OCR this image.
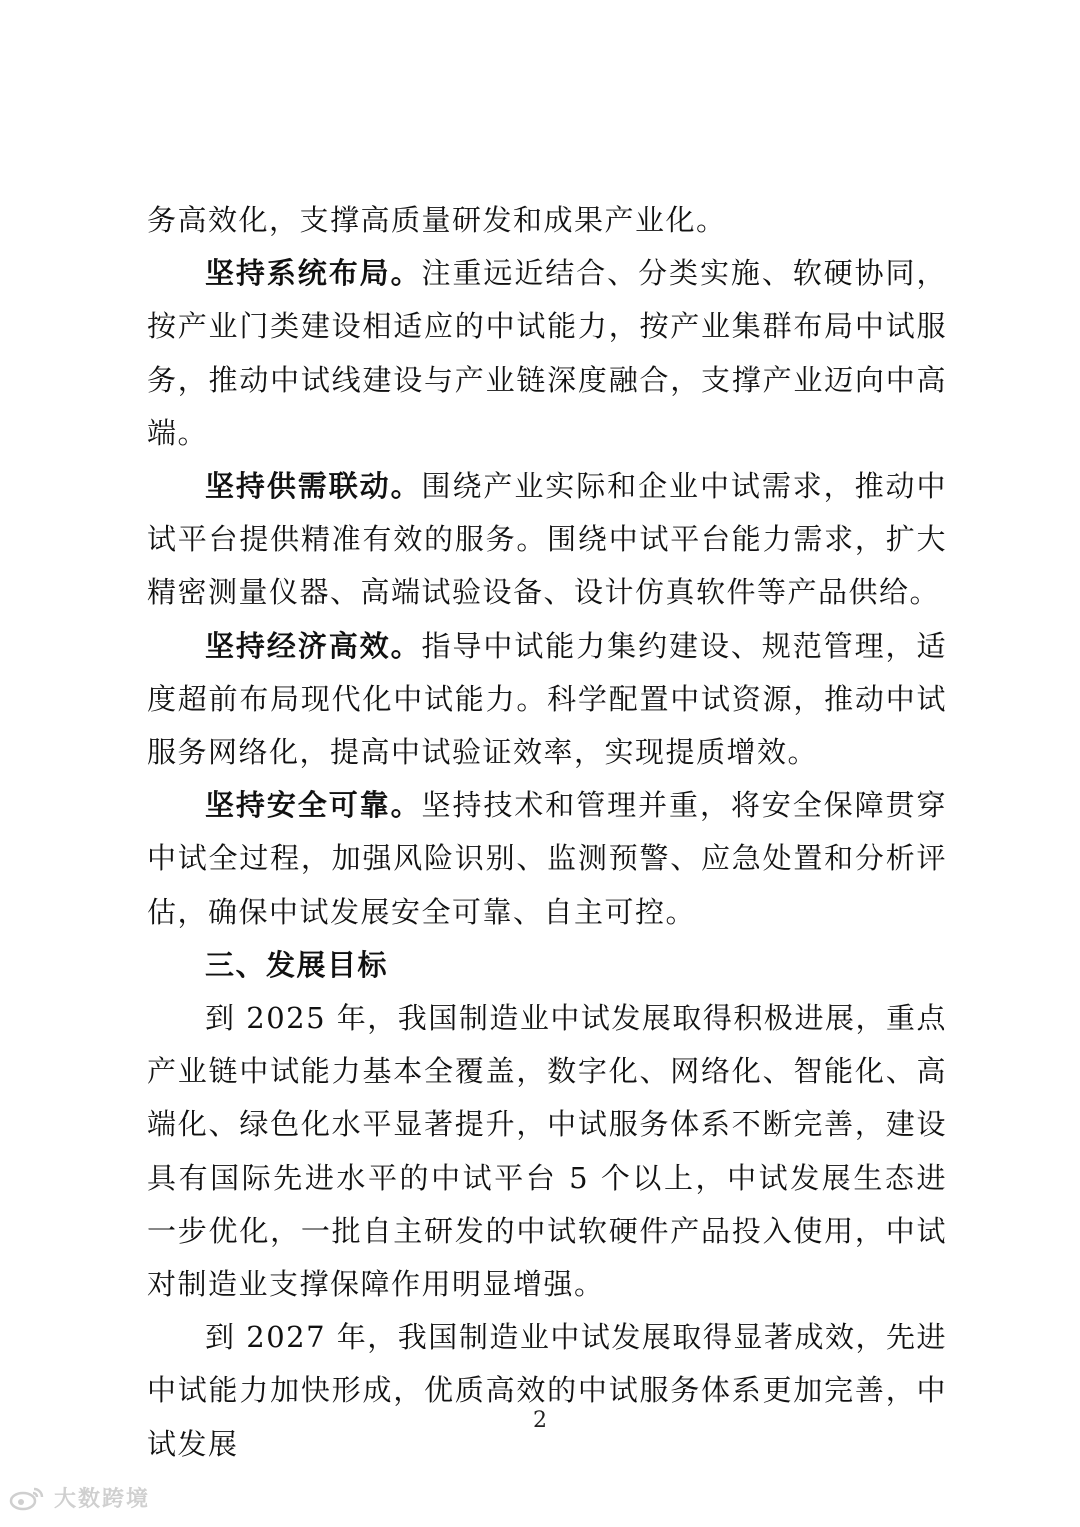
务高效化，支撑高质量研发和成果产业化。

坚持系统布局。注重远近结合、分类实施、软硬协同，按产业门类建设相适应的中试能力，按产业集群布局中试服务，推动中试线建设与产业链深度融合，支撑产业迈向中高端。

坚持供需联动。围绕产业实际和企业中试需求，推动中试平台提供精准有效的服务。围绕中试平台能力需求，扩大精密测量仪器、高端试验设备、设计仿真软件等产品供给。

坚持经济高效。指导中试能力集约建设、规范管理，适度超前布局现代化中试能力。科学配置中试资源，推动中试服务网络化，提高中试验证效率，实现提质增效。

坚持安全可靠。坚持技术和管理并重，将安全保障贯穿中试全过程，加强风险识别、监测预警、应急处置和分析评估，确保中试发展安全可靠、自主可控。

三、发展目标

到 2025 年，我国制造业中试发展取得积极进展，重点产业链中试能力基本全覆盖，数字化、网络化、智能化、高端化、绿色化水平显著提升，中试服务体系不断完善，建设具有国际先进水平的中试平台 5 个以上，中试发展生态进一步优化，一批自主研发的中试软硬件产品投入使用，中试对制造业支撑保障作用明显增强。

到 2027 年，我国制造业中试发展取得显著成效，先进中试能力加快形成，优质高效的中试服务体系更加完善，中试发展

2
大数跨境
